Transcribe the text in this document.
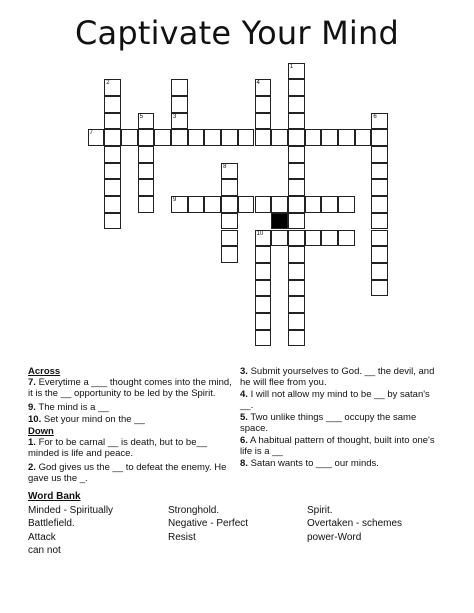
Captivate Your Mind
1
2
3
4
5	6
7
8
9
10
Across
7. Everytime a ___ thought comes into the mind, it is the __ opportunity to be led by the Spirit.
9. The mind is a __
10. Set your mind on the __
Down
1. For to be carnal __ is death, but to be__ minded is life and peace.
2. God gives us the __ to defeat the enemy. He gave us the _.
3. Submit yourselves to God. __ the devil, and he will flee from you.
4. I will not allow my mind to be __ by satan's __.
5. Two unlike things ___ occupy the same space.
6. A habitual pattern of thought, built into one's life is a __
8. Satan wants to ___ our minds.
Word Bank
Minded - Spiritually
Battlefield.
Attack
can not
Stronghold.
Negative - Perfect
Resist
Spirit.
Overtaken - schemes
power-Word
